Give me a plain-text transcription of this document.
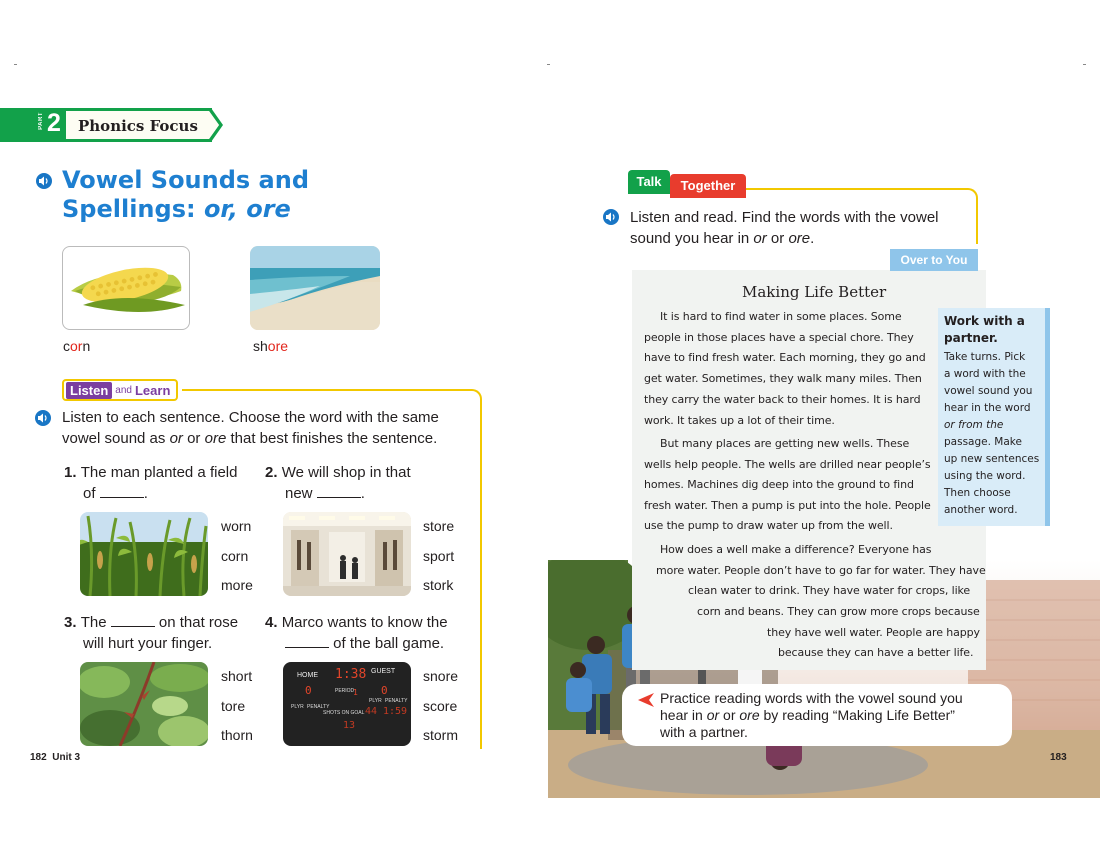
PART 2 Phonics Focus
Vowel Sounds and
Spellings: or, ore
corn	shore
Listen and Learn
Listen to each sentence. Choose the word with the same
vowel sound as or or ore that best finishes the sentence.
1. The man planted a field
of	.
worn
corn
more
2. We will shop in that
new	.
store
sport
stork
3. The	on that rose
will hurt your finger.
short
tore
thorn
4. Marco wants to know the
of the ball game.
HOME 1:38 GUEST
0	0
PERIOD
1
PLYR PENALTY
PLYR PENALTY
SHOTS ON GOAL 44 1:59
13
snore
score
storm
182  Unit 3
Talk	Together
Listen and read. Find the words with the vowel
sound you hear in or or ore.
Making Life Better
It is hard to find water in some places. Some
people in those places have a special chore. They
have to find fresh water. Each morning, they go and
get water. Sometimes, they walk many miles. Then
they carry the water back to their homes. It is hard
work. It takes up a lot of their time.
But many places are getting new wells. These
wells help people. The wells are drilled near people’s
homes. Machines dig deep into the ground to find
fresh water. Then a pump is put into the hole. People
use the pump to draw water up from the well.
How does a well make a difference? Everyone has
more water. People don’t have to go far for water. They have
clean water to drink. They have water for crops, like
corn and beans. They can grow more crops because
they have well water. People are happy
because they can have a better life.
Over to You
Work with a
partner.
Take turns. Pick
a word with the
vowel sound you
hear in the word
or from the
passage. Make
up new sentences
using the word.
Then choose
another word.
Practice reading words with the vowel sound you
hear in or or ore by reading “Making Life Better”
with a partner.
183
